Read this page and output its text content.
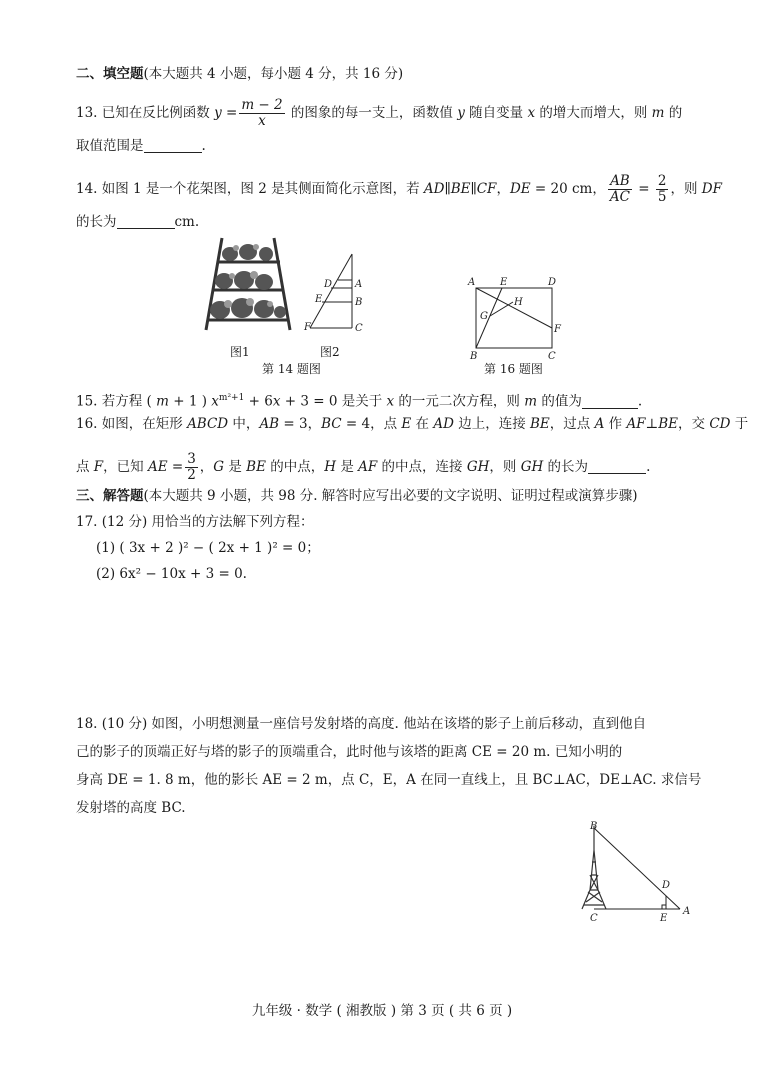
二、填空题(本大题共 4 小题，每小题 4 分，共 16 分)
13. 已知在反比例函数 $y = \frac{m - 2}{x}$ 的图象的每一支上，函数值 y 随自变量 x 的增大而增大，则 m 的
取值范围是	.
14. 如图 1 是一个花架图，图 2 是其侧面简化示意图，若 AD∥BE∥CF，DE = 20 cm， $\frac{AB}{AC} = \frac{2}{5}$ ，则 DF
的长为	cm.
D A
E	B
F	C
图1	图2
第 14 题图
A E	D
H
G
F
B	C
第 16 题图
15. 若方程 ( m + 1 ) $x^{m^2+1} + 6x + 3 = 0$ 是关于 x 的一元二次方程，则 m 的值为	.
16. 如图，在矩形 ABCD 中，AB = 3，BC = 4，点 E 在 AD 边上，连接 BE，过点 A 作 AF⊥BE，交 CD 于
点 F，已知 AE = $\frac{3}{2}$ ，G 是 BE 的中点，H 是 AF 的中点，连接 GH，则 GH 的长为	.
三、解答题(本大题共 9 小题，共 98 分. 解答时应写出必要的文字说明、证明过程或演算步骤)
17. (12 分) 用恰当的方法解下列方程：
(1) ( 3x + 2 )² − ( 2x + 1 )² = 0；
(2) 6x² − 10x + 3 = 0.
18. (10 分) 如图，小明想测量一座信号发射塔的高度. 他站在该塔的影子上前后移动，直到他自
己的影子的顶端正好与塔的影子的顶端重合，此时他与该塔的距离 CE = 20 m. 已知小明的
身高 DE = 1. 8 m，他的影长 AE = 2 m，点 C，E，A 在同一直线上，且 BC⊥AC，DE⊥AC. 求信号
发射塔的高度 BC.
B
D
C	E
A
九年级 · 数学 ( 湘教版 ) 第 3 页 ( 共 6 页 )
